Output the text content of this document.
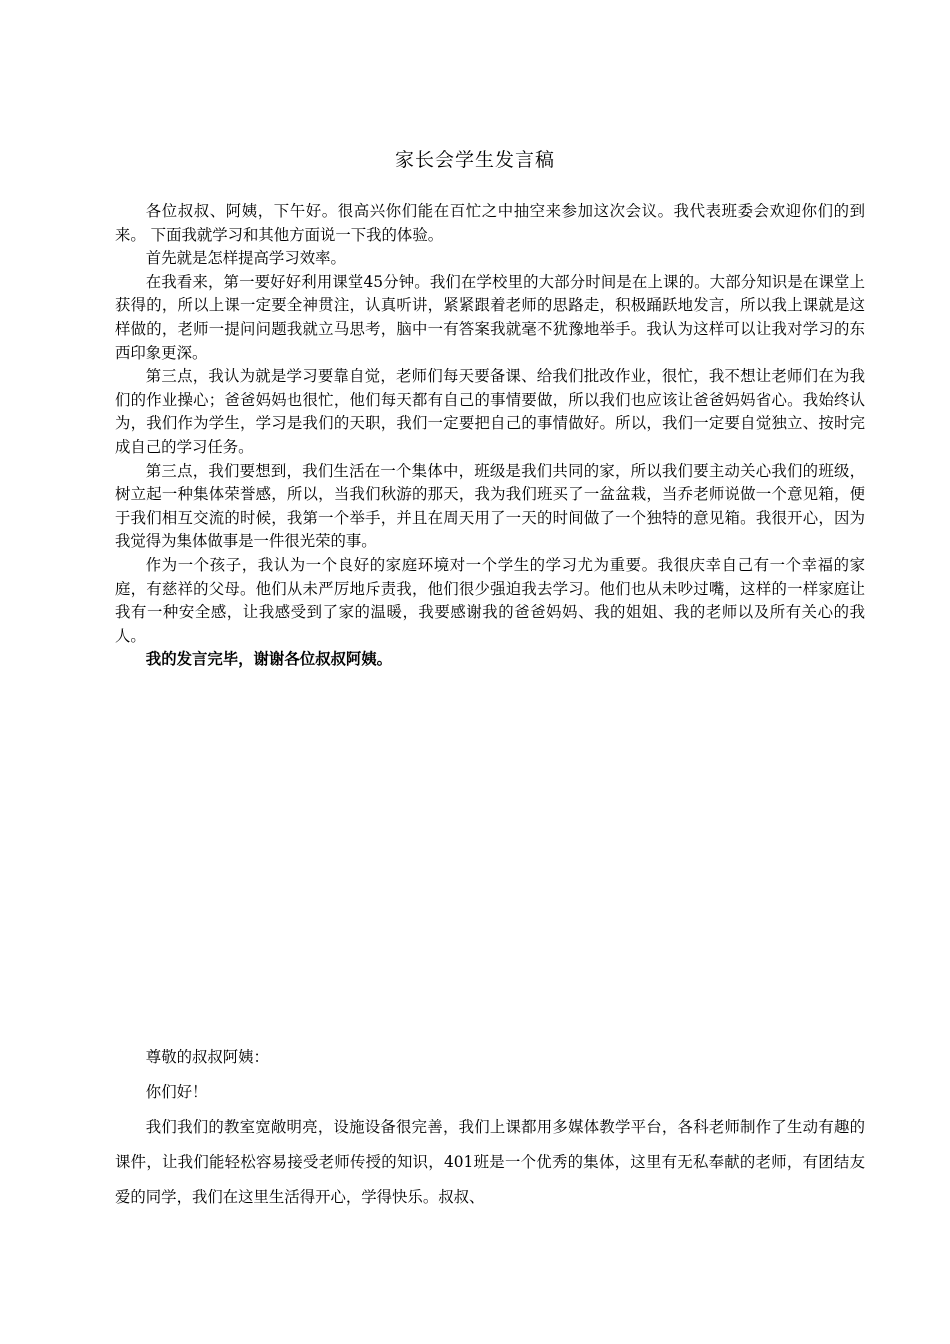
家长会学生发言稿

各位叔叔、阿姨，下午好。很高兴你们能在百忙之中抽空来参加这次会议。我代表班委会欢迎你们的到来。 下面我就学习和其他方面说一下我的体验。

首先就是怎样提高学习效率。

在我看来，第一要好好利用课堂45分钟。我们在学校里的大部分时间是在上课的。大部分知识是在课堂上获得的，所以上课一定要全神贯注，认真听讲，紧紧跟着老师的思路走，积极踊跃地发言，所以我上课就是这样做的，老师一提问问题我就立马思考，脑中一有答案我就毫不犹豫地举手。我认为这样可以让我对学习的东西印象更深。

第三点，我认为就是学习要靠自觉，老师们每天要备课、给我们批改作业，很忙，我不想让老师们在为我们的作业操心；爸爸妈妈也很忙，他们每天都有自己的事情要做，所以我们也应该让爸爸妈妈省心。我始终认为，我们作为学生，学习是我们的天职，我们一定要把自己的事情做好。所以，我们一定要自觉独立、按时完成自己的学习任务。

第三点，我们要想到，我们生活在一个集体中，班级是我们共同的家，所以我们要主动关心我们的班级，树立起一种集体荣誉感，所以，当我们秋游的那天，我为我们班买了一盆盆栽，当乔老师说做一个意见箱，便于我们相互交流的时候，我第一个举手，并且在周天用了一天的时间做了一个独特的意见箱。我很开心，因为我觉得为集体做事是一件很光荣的事。

作为一个孩子，我认为一个良好的家庭环境对一个学生的学习尤为重要。我很庆幸自己有一个幸福的家庭，有慈祥的父母。他们从未严厉地斥责我，他们很少强迫我去学习。他们也从未吵过嘴，这样的一样家庭让我有一种安全感，让我感受到了家的温暖，我要感谢我的爸爸妈妈、我的姐姐、我的老师以及所有关心的我人。

我的发言完毕，谢谢各位叔叔阿姨。

尊敬的叔叔阿姨：

你们好！

我们我们的教室宽敞明亮，设施设备很完善，我们上课都用多媒体教学平台，各科老师制作了生动有趣的课件，让我们能轻松容易接受老师传授的知识，401班是一个优秀的集体，这里有无私奉献的老师，有团结友爱的同学，我们在这里生活得开心，学得快乐。叔叔、
